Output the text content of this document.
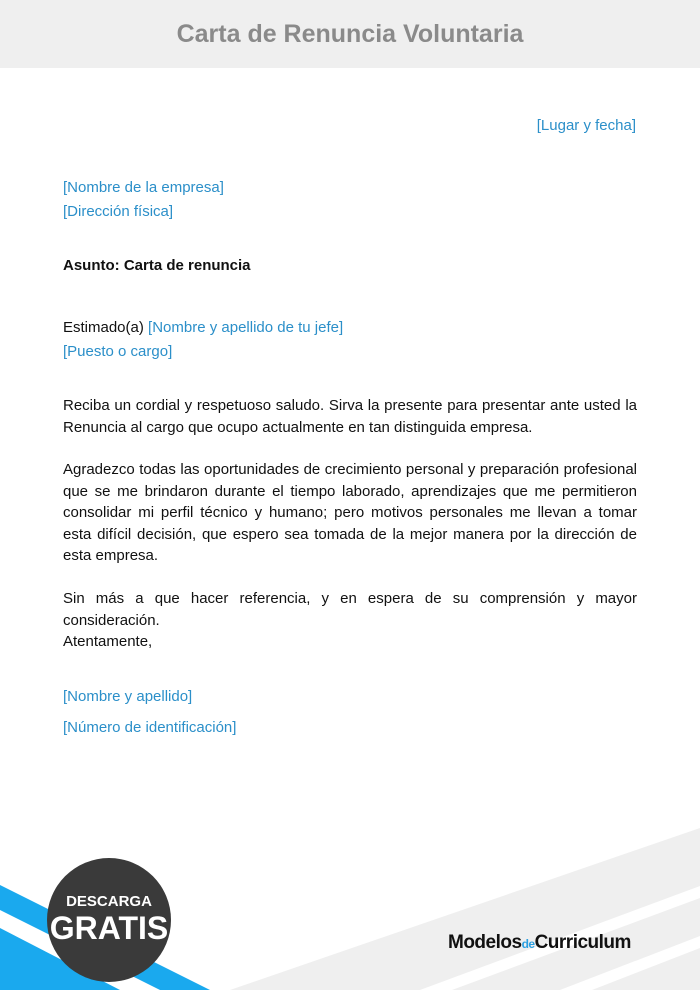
Carta de Renuncia Voluntaria
[Lugar y fecha]
[Nombre de la empresa]
[Dirección física]
Asunto: Carta de renuncia
Estimado(a) [Nombre y apellido de tu jefe]
[Puesto o cargo]
Reciba un cordial y respetuoso saludo. Sirva la presente para presentar ante usted la Renuncia al cargo que ocupo actualmente en tan distinguida empresa.
Agradezco todas las oportunidades de crecimiento personal y preparación profesional que se me brindaron durante el tiempo laborado, aprendizajes que me permitieron consolidar mi perfil técnico y humano; pero motivos personales me llevan a tomar esta difícil decisión, que espero sea tomada de la mejor manera por la dirección de esta empresa.
Sin más a que hacer referencia, y en espera de su comprensión y mayor consideración.
Atentamente,
[Nombre y apellido]
[Número de identificación]
DESCARGA
GRATIS	ModelosdeCurriculum
